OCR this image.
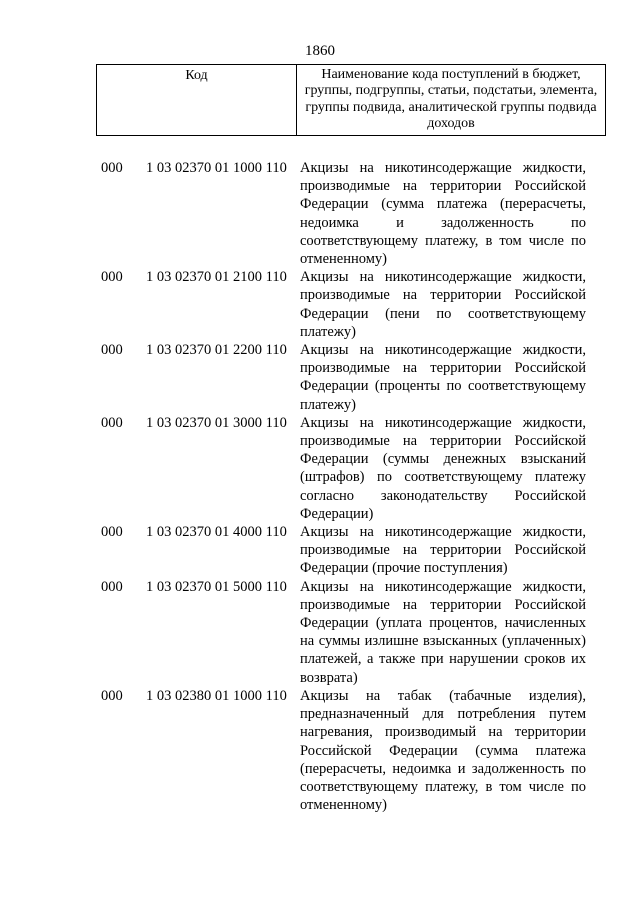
1860
Код	Наименование кода поступлений в бюджет, группы, подгруппы, статьи, подстатьи, элемента, группы подвида, аналитической группы подвида доходов
000 1 03 02370 01 1000 110 Акцизы на никотинсодержащие жидкости, производимые на территории Российской Федерации (сумма платежа (перерасчеты, недоимка и задолженность по соответствующему платежу, в том числе по отмененному)
000 1 03 02370 01 2100 110 Акцизы на никотинсодержащие жидкости, производимые на территории Российской Федерации (пени по соответствующему платежу)
000 1 03 02370 01 2200 110 Акцизы на никотинсодержащие жидкости, производимые на территории Российской Федерации (проценты по соответствующему платежу)
000 1 03 02370 01 3000 110 Акцизы на никотинсодержащие жидкости, производимые на территории Российской Федерации (суммы денежных взысканий (штрафов) по соответствующему платежу согласно законодательству Российской Федерации)
000 1 03 02370 01 4000 110 Акцизы на никотинсодержащие жидкости, производимые на территории Российской Федерации (прочие поступления)
000 1 03 02370 01 5000 110 Акцизы на никотинсодержащие жидкости, производимые на территории Российской Федерации (уплата процентов, начисленных на суммы излишне взысканных (уплаченных) платежей, а также при нарушении сроков их возврата)
000 1 03 02380 01 1000 110 Акцизы на табак (табачные изделия), предназначенный для потребления путем нагревания, производимый на территории Российской Федерации (сумма платежа (перерасчеты, недоимка и задолженность по соответствующему платежу, в том числе по отмененному)
